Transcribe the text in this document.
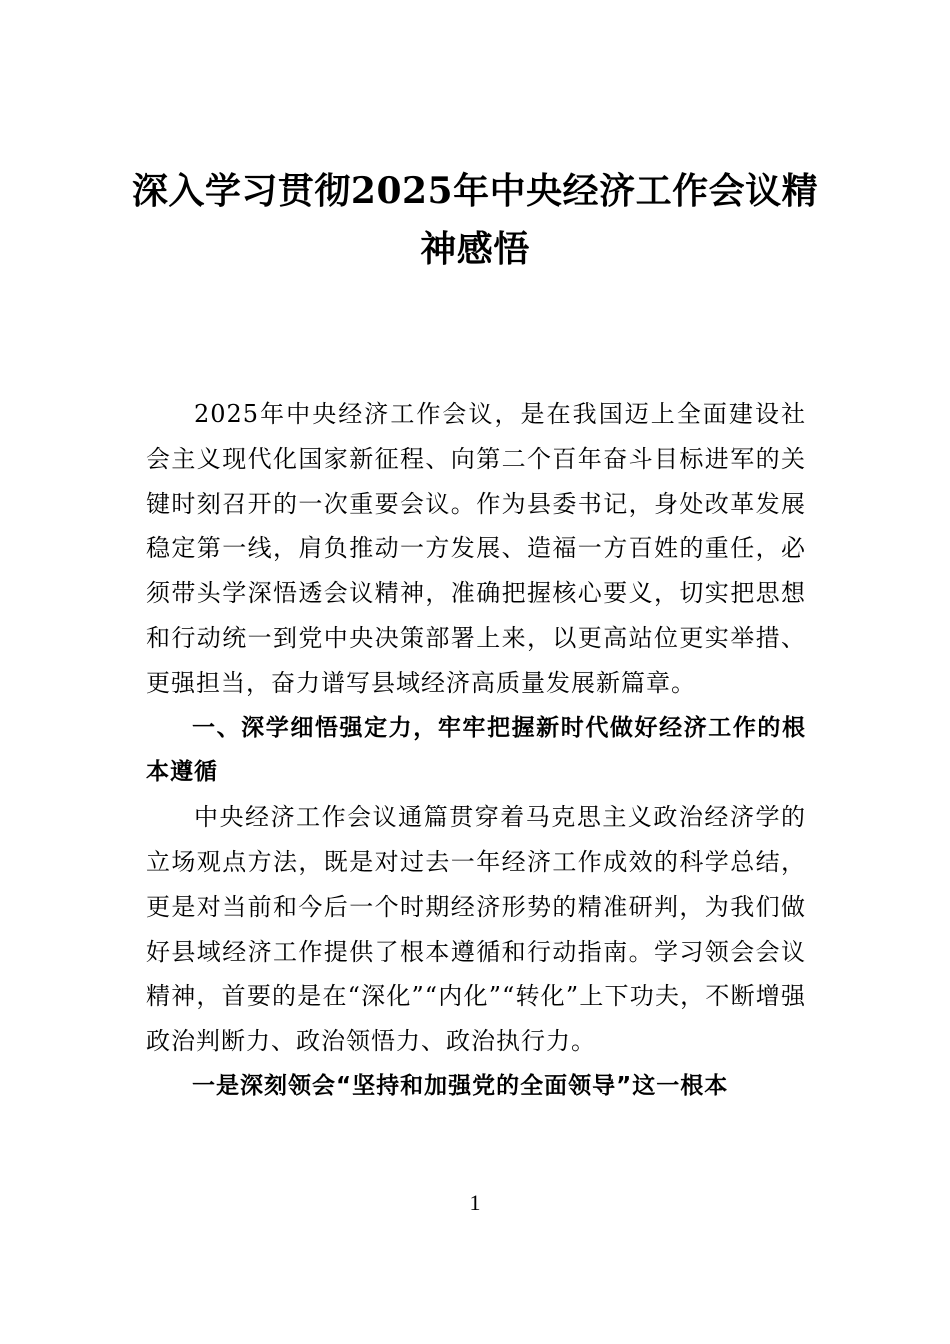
深入学习贯彻2025年中央经济工作会议精
神感悟

2025年中央经济工作会议，是在我国迈上全面建设社会主义现代化国家新征程、向第二个百年奋斗目标进军的关键时刻召开的一次重要会议。作为县委书记，身处改革发展稳定第一线，肩负推动一方发展、造福一方百姓的重任，必须带头学深悟透会议精神，准确把握核心要义，切实把思想和行动统一到党中央决策部署上来，以更高站位更实举措、更强担当，奋力谱写县域经济高质量发展新篇章。

一、深学细悟强定力，牢牢把握新时代做好经济工作的根本遵循

中央经济工作会议通篇贯穿着马克思主义政治经济学的立场观点方法，既是对过去一年经济工作成效的科学总结，更是对当前和今后一个时期经济形势的精准研判，为我们做好县域经济工作提供了根本遵循和行动指南。学习领会会议精神，首要的是在“深化”“内化”“转化”上下功夫，不断增强政治判断力、政治领悟力、政治执行力。

一是深刻领会“坚持和加强党的全面领导”这一根本

1
